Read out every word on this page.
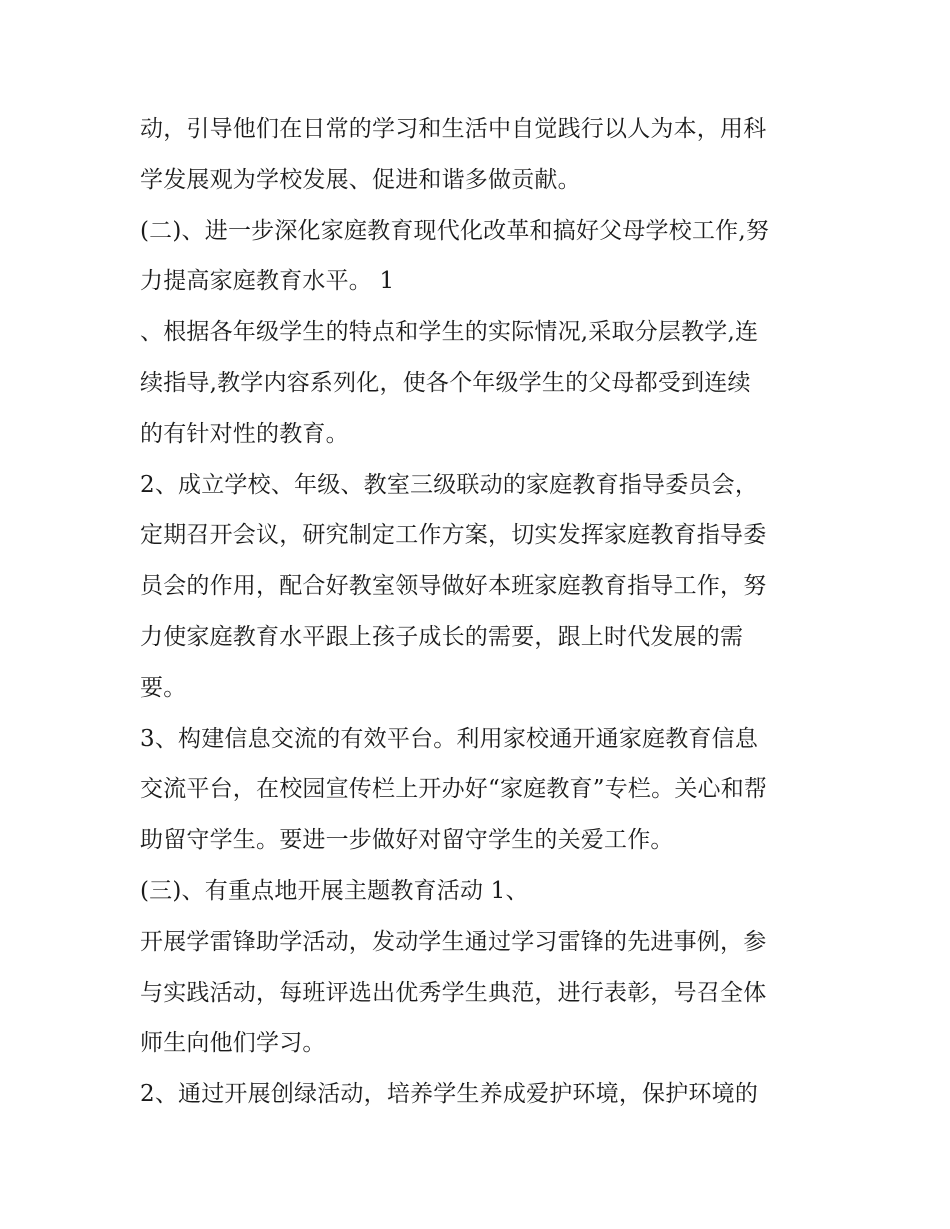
动，引导他们在日常的学习和生活中自觉践行以人为本，用科
学发展观为学校发展、促进和谐多做贡献。
(二)、进一步深化家庭教育现代化改革和搞好父母学校工作,努
力提高家庭教育水平。 1
、根据各年级学生的特点和学生的实际情况,采取分层教学,连
续指导,教学内容系列化，使各个年级学生的父母都受到连续
的有针对性的教育。
2、成立学校、年级、教室三级联动的家庭教育指导委员会，
定期召开会议，研究制定工作方案，切实发挥家庭教育指导委
员会的作用，配合好教室领导做好本班家庭教育指导工作，努
力使家庭教育水平跟上孩子成长的需要，跟上时代发展的需
要。
3、构建信息交流的有效平台。利用家校通开通家庭教育信息
交流平台，在校园宣传栏上开办好“家庭教育”专栏。关心和帮
助留守学生。要进一步做好对留守学生的关爱工作。
(三)、有重点地开展主题教育活动 1、
开展学雷锋助学活动，发动学生通过学习雷锋的先进事例，参
与实践活动，每班评选出优秀学生典范，进行表彰，号召全体
师生向他们学习。
2、通过开展创绿活动，培养学生养成爱护环境，保护环境的
